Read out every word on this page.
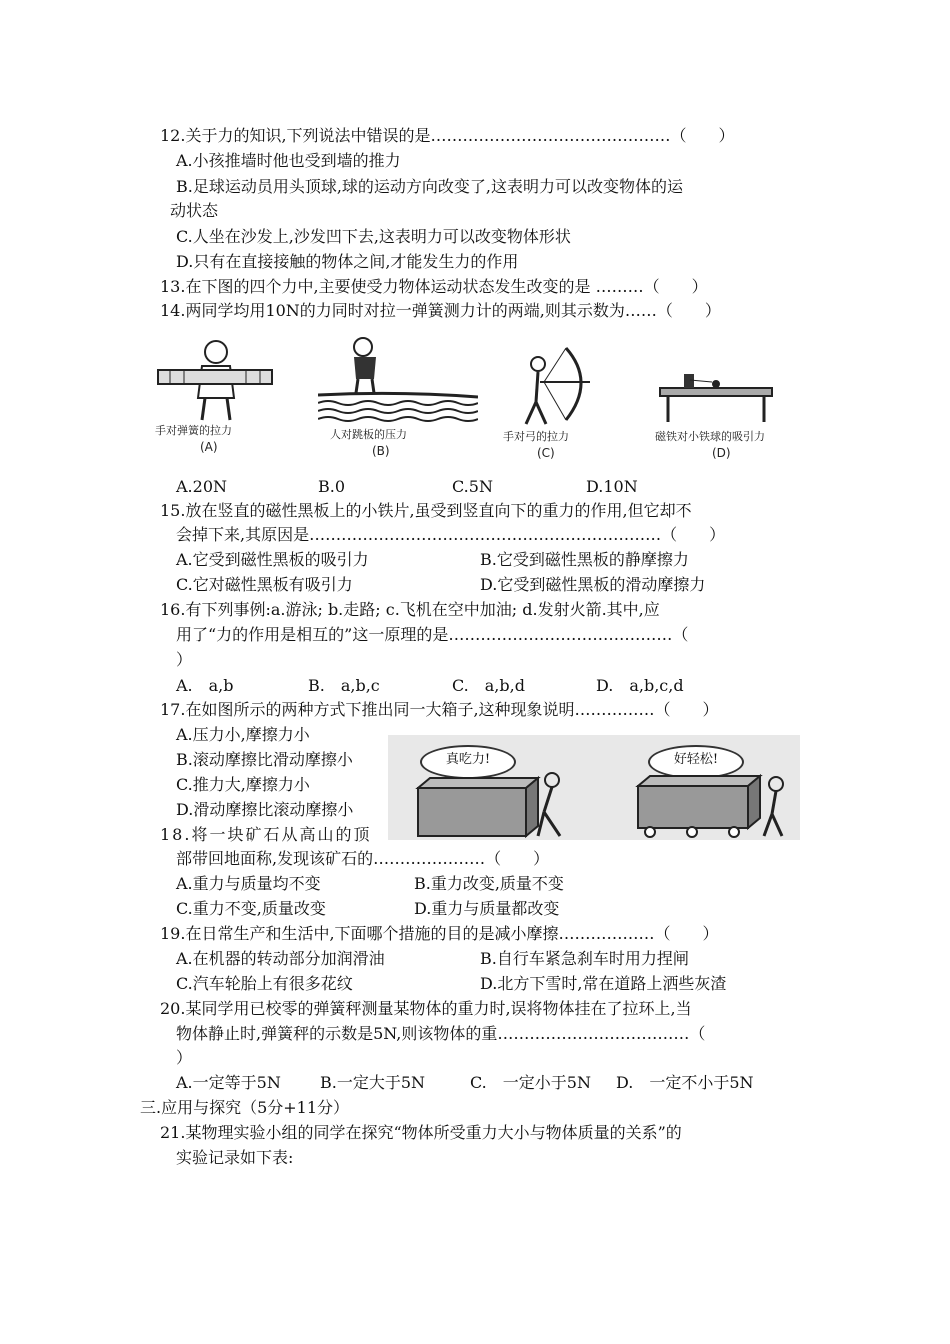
12.关于力的知识,下列说法中错误的是………………………………………（　　）
A.小孩推墙时他也受到墙的推力
B.足球运动员用头顶球,球的运动方向改变了,这表明力可以改变物体的运
动状态
C.人坐在沙发上,沙发凹下去,这表明力可以改变物体形状
D.只有在直接接触的物体之间,才能发生力的作用
13.在下图的四个力中,主要使受力物体运动状态发生改变的是 ………（　　）
14.两同学均用10N的力同时对拉一弹簧测力计的两端,则其示数为……（　　）
手对弹簧的拉力
(A)
人对跳板的压力
(B)
手对弓的拉力
(C)
磁铁对小铁球的吸引力
(D)
A.20N	B.0	C.5N	D.10N
15.放在竖直的磁性黑板上的小铁片,虽受到竖直向下的重力的作用,但它却不
会掉下来,其原因是…………………………………………………………（　　）
A.它受到磁性黑板的吸引力	B.它受到磁性黑板的静摩擦力
C.它对磁性黑板有吸引力	D.它受到磁性黑板的滑动摩擦力
16.有下列事例:a.游泳; b.走路; c.飞机在空中加油; d.发射火箭.其中,应
用了“力的作用是相互的”这一原理的是……………………………………（
）
A.　a,b	B.　a,b,c	C.　a,b,d	D.　a,b,c,d
17.在如图所示的两种方式下推出同一大箱子,这种现象说明……………（　　）
A.压力小,摩擦力小
B.滚动摩擦比滑动摩擦小
C.推力大,摩擦力小
D.滑动摩擦比滚动摩擦小
真吃力!	好轻松!
18.将一块矿石从高山的顶
部带回地面称,发现该矿石的…………………（　　）
A.重力与质量均不变	B.重力改变,质量不变
C.重力不变,质量改变	D.重力与质量都改变
19.在日常生产和生活中,下面哪个措施的目的是减小摩擦………………（　　）
A.在机器的转动部分加润滑油	B.自行车紧急刹车时用力捏闸
C.汽车轮胎上有很多花纹	D.北方下雪时,常在道路上洒些灰渣
20.某同学用已校零的弹簧秤测量某物体的重力时,误将物体挂在了拉环上,当
物体静止时,弹簧秤的示数是5N,则该物体的重………………………………（
）
A.一定等于5N B.一定大于5N	C.　一定小于5N D.　一定不小于5N
三.应用与探究（5分+11分）
21.某物理实验小组的同学在探究“物体所受重力大小与物体质量的关系”的
实验记录如下表:
